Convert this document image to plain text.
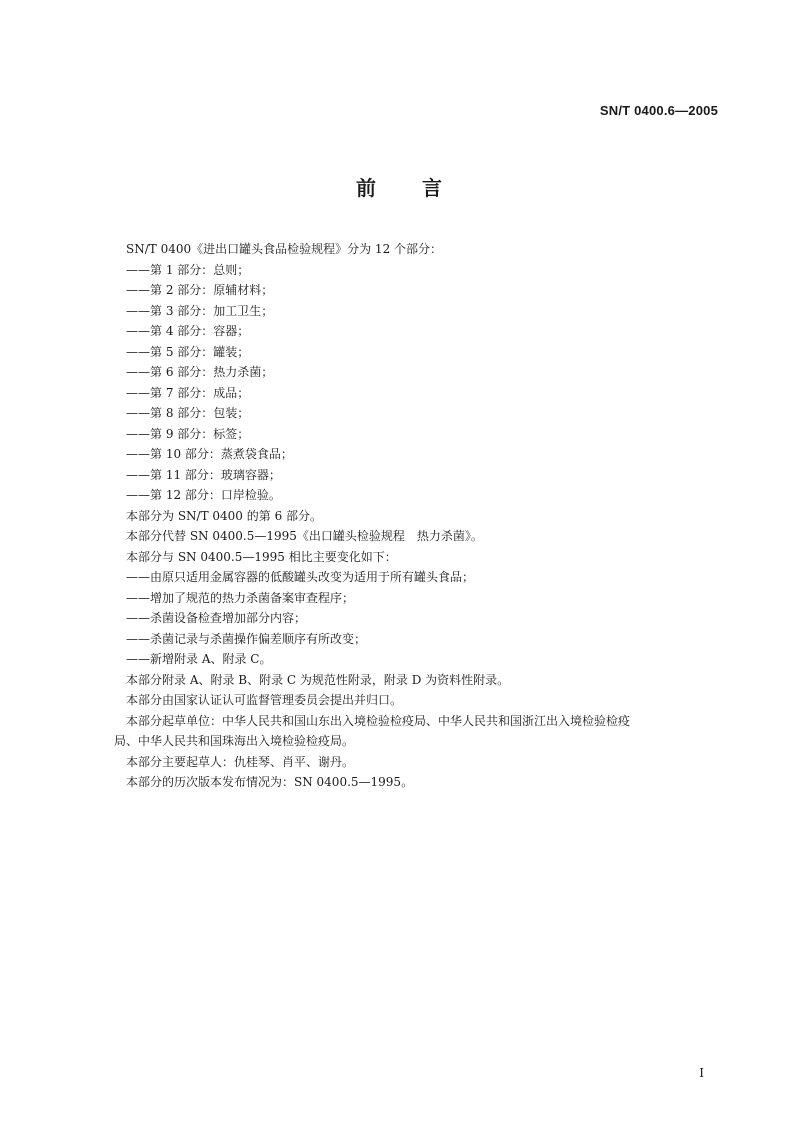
SN/T 0400.6—2005
前 言
SN/T 0400《进出口罐头食品检验规程》分为 12 个部分：
——第 1 部分：总则；
——第 2 部分：原辅材料；
——第 3 部分：加工卫生；
——第 4 部分：容器；
——第 5 部分：罐装；
——第 6 部分：热力杀菌；
——第 7 部分：成品；
——第 8 部分：包装；
——第 9 部分：标签；
——第 10 部分：蒸煮袋食品；
——第 11 部分：玻璃容器；
——第 12 部分：口岸检验。
本部分为 SN/T 0400 的第 6 部分。
本部分代替 SN 0400.5—1995《出口罐头检验规程　热力杀菌》。
本部分与 SN 0400.5—1995 相比主要变化如下：
——由原只适用金属容器的低酸罐头改变为适用于所有罐头食品；
——增加了规范的热力杀菌备案审查程序；
——杀菌设备检查增加部分内容；
——杀菌记录与杀菌操作偏差顺序有所改变；
——新增附录 A、附录 C。
本部分附录 A、附录 B、附录 C 为规范性附录，附录 D 为资料性附录。
本部分由国家认证认可监督管理委员会提出并归口。
本部分起草单位：中华人民共和国山东出入境检验检疫局、中华人民共和国浙江出入境检验检疫
局、中华人民共和国珠海出入境检验检疫局。
本部分主要起草人：仇桂琴、肖平、谢丹。
本部分的历次版本发布情况为：SN 0400.5—1995。
I
